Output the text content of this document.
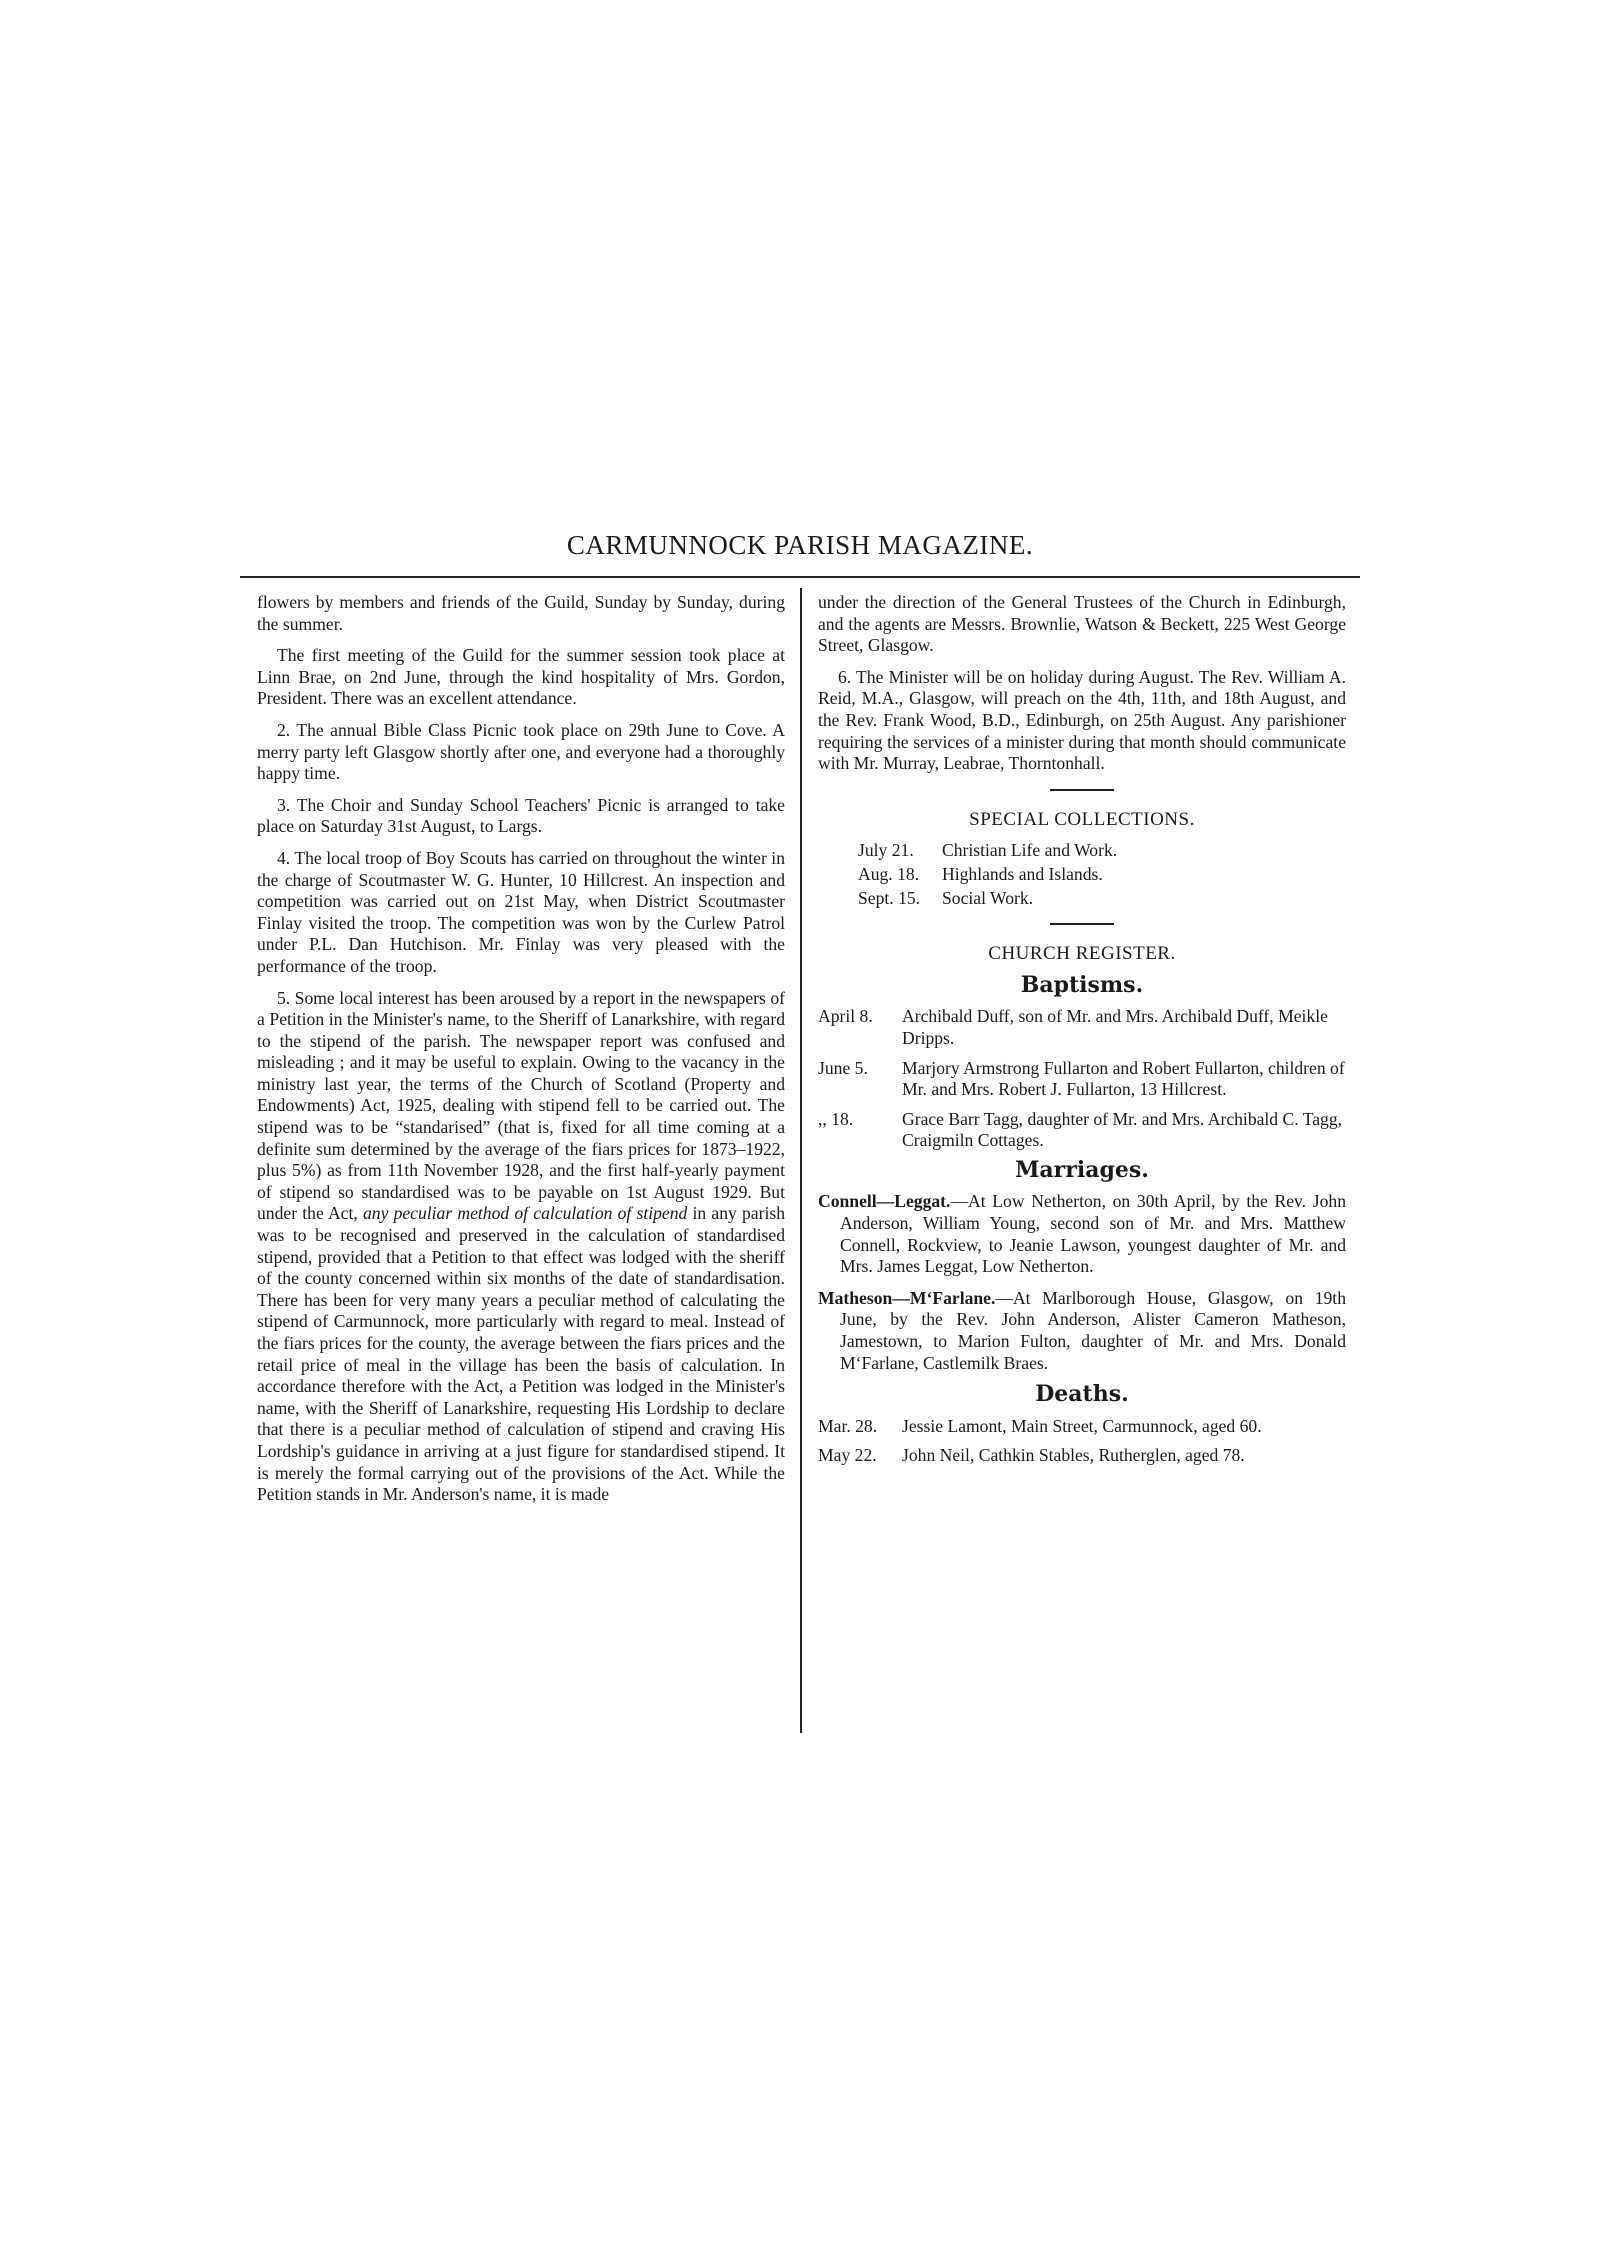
CARMUNNOCK PARISH MAGAZINE.

flowers by members and friends of the Guild, Sunday by Sunday, during the summer.

The first meeting of the Guild for the summer session took place at Linn Brae, on 2nd June, through the kind hospitality of Mrs. Gordon, President. There was an excellent attendance.

2. The annual Bible Class Picnic took place on 29th June to Cove. A merry party left Glasgow shortly after one, and everyone had a thoroughly happy time.

3. The Choir and Sunday School Teachers' Picnic is arranged to take place on Saturday 31st August, to Largs.

4. The local troop of Boy Scouts has carried on throughout the winter in the charge of Scoutmaster W. G. Hunter, 10 Hillcrest. An inspection and competition was carried out on 21st May, when District Scoutmaster Finlay visited the troop. The competition was won by the Curlew Patrol under P.L. Dan Hutchison. Mr. Finlay was very pleased with the performance of the troop.

5. Some local interest has been aroused by a report in the newspapers of a Petition in the Minister's name, to the Sheriff of Lanarkshire, with regard to the stipend of the parish. The newspaper report was confused and misleading ; and it may be useful to explain. Owing to the vacancy in the ministry last year, the terms of the Church of Scotland (Property and Endowments) Act, 1925, dealing with stipend fell to be carried out. The stipend was to be “standarised” (that is, fixed for all time coming at a definite sum determined by the average of the fiars prices for 1873–1922, plus 5%) as from 11th November 1928, and the first half-yearly payment of stipend so standardised was to be payable on 1st August 1929. But under the Act, any peculiar method of calculation of stipend in any parish was to be recognised and preserved in the calculation of standardised stipend, provided that a Petition to that effect was lodged with the sheriff of the county concerned within six months of the date of standardisation. There has been for very many years a peculiar method of calculating the stipend of Carmunnock, more particularly with regard to meal. Instead of the fiars prices for the county, the average between the fiars prices and the retail price of meal in the village has been the basis of calculation. In accordance therefore with the Act, a Petition was lodged in the Minister's name, with the Sheriff of Lanarkshire, requesting His Lordship to declare that there is a peculiar method of calculation of stipend and craving His Lordship's guidance in arriving at a just figure for standardised stipend. It is merely the formal carrying out of the provisions of the Act. While the Petition stands in Mr. Anderson's name, it is made

under the direction of the General Trustees of the Church in Edinburgh, and the agents are Messrs. Brownlie, Watson & Beckett, 225 West George Street, Glasgow.

6. The Minister will be on holiday during August. The Rev. William A. Reid, M.A., Glasgow, will preach on the 4th, 11th, and 18th August, and the Rev. Frank Wood, B.D., Edinburgh, on 25th August. Any parishioner requiring the services of a minister during that month should communicate with Mr. Murray, Leabrae, Thorntonhall.

SPECIAL COLLECTIONS.
July 21.	Christian Life and Work.
Aug. 18.	Highlands and Islands.
Sept. 15.	Social Work.
CHURCH REGISTER.
Baptisms.
April 8.	Archibald Duff, son of Mr. and Mrs. Archibald Duff, Meikle Dripps.
June 5.	Marjory Armstrong Fullarton and Robert Fullarton, children of Mr. and Mrs. Robert J. Fullarton, 13 Hillcrest.
,, 18.	Grace Barr Tagg, daughter of Mr. and Mrs. Archibald C. Tagg, Craigmiln Cottages.
Marriages.

Connell—Leggat.—At Low Netherton, on 30th April, by the Rev. John Anderson, William Young, second son of Mr. and Mrs. Matthew Connell, Rockview, to Jeanie Lawson, youngest daughter of Mr. and Mrs. James Leggat, Low Netherton.

Matheson—M‘Farlane.—At Marlborough House, Glasgow, on 19th June, by the Rev. John Anderson, Alister Cameron Matheson, Jamestown, to Marion Fulton, daughter of Mr. and Mrs. Donald M‘Farlane, Castlemilk Braes.

Deaths.
Mar. 28.	Jessie Lamont, Main Street, Carmunnock, aged 60.
May 22.	John Neil, Cathkin Stables, Rutherglen, aged 78.
